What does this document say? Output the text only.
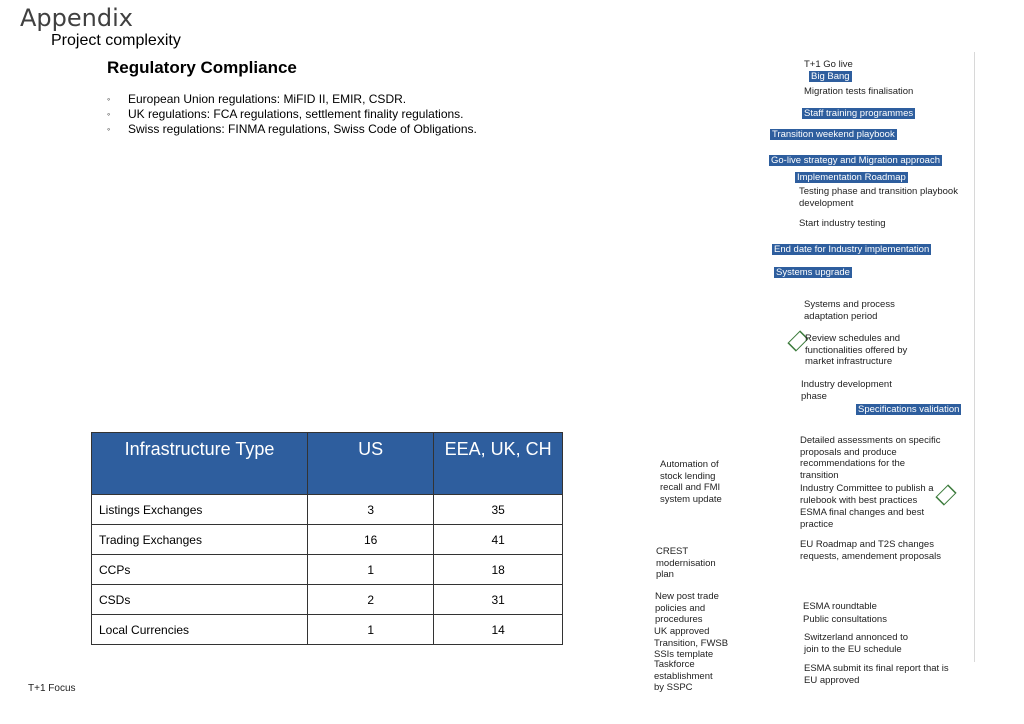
Appendix
Project complexity
Regulatory Compliance
◦ European Union regulations: MiFID II, EMIR, CSDR.
◦ UK regulations: FCA regulations, settlement finality regulations.
◦ Swiss regulations: FINMA regulations, Swiss Code of Obligations.
Infrastructure Type	US	EEA, UK, CH
Listings Exchanges	3	35
Trading Exchanges	16	41
CCPs	1	18
CSDs	2	31
Local Currencies	1	14
T+1 Focus
T+1 Go live
Big Bang
Migration tests finalisation
Staff training programmes
Transition weekend playbook
Go-live strategy and Migration approach
Implementation Roadmap
Testing phase and transition playbook development
Start industry testing
End date for Industry implementation
Systems upgrade
Systems and process adaptation period
Review schedules and functionalities offered by market infrastructure
Industry development phase
Specifications validation
Detailed assessments on specific proposals and produce recommendations for the transition
Industry Committee to publish a rulebook with best practices
ESMA final changes and best practice
EU Roadmap and T2S changes requests, amendement proposals
Automation of stock lending recall and FMI system update
CREST modernisation plan
New post trade policies and procedures
UK approved Transition, FWSB SSIs template
Taskforce establishment by SSPC
ESMA roundtable
Public consultations
Switzerland annonced to join to the EU schedule
ESMA submit its final report that is EU approved
